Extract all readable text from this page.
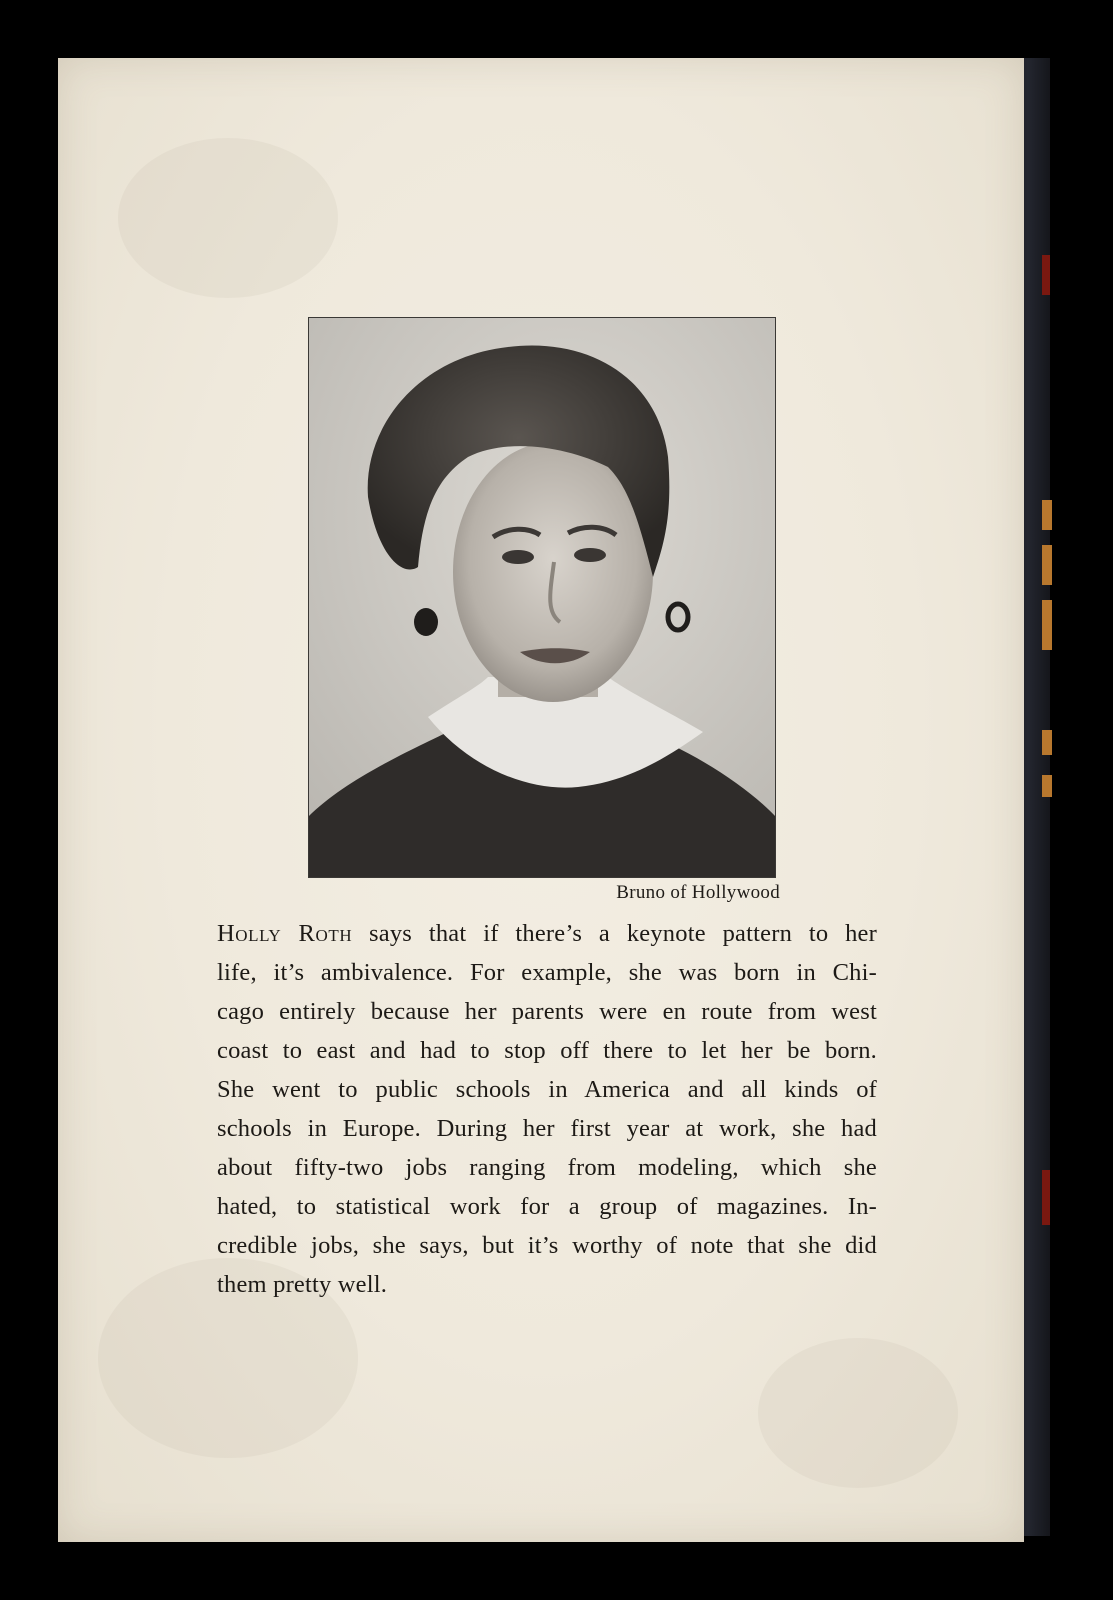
Bruno of Hollywood

Holly Roth says that if there’s a keynote pattern to her
life, it’s ambivalence. For example, she was born in Chi-
cago entirely because her parents were en route from west
coast to east and had to stop off there to let her be born.
She went to public schools in America and all kinds of
schools in Europe. During her first year at work, she had
about fifty-two jobs ranging from modeling, which she
hated, to statistical work for a group of magazines. In-
credible jobs, she says, but it’s worthy of note that she did
them pretty well.
